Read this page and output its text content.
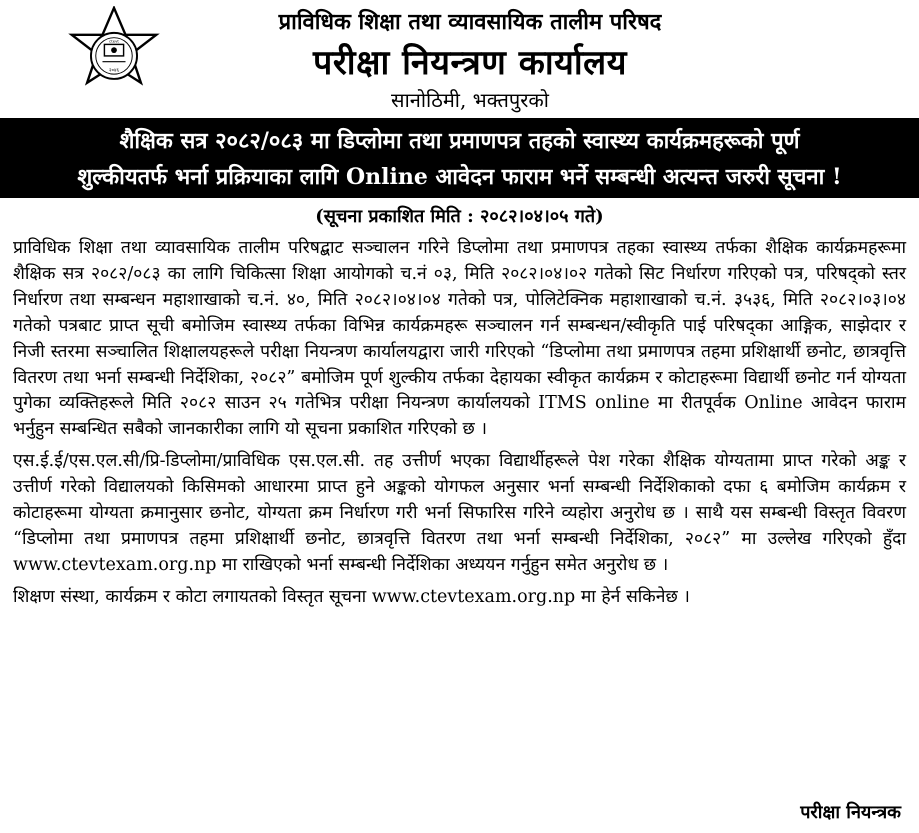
२०४६
ctevt
प्राविधिक शिक्षा तथा व्यावसायिक तालीम परिषद
परीक्षा नियन्त्रण कार्यालय
सानोठिमी, भक्तपुरको
शैक्षिक सत्र २०८२/०८३ मा डिप्लोमा तथा प्रमाणपत्र तहको स्वास्थ्य कार्यक्रमहरूको पूर्ण
शुल्कीयतर्फ भर्ना प्रक्रियाका लागि Online आवेदन फाराम भर्ने सम्बन्धी अत्यन्त जरुरी सूचना !
(सूचना प्रकाशित मिति : २०८२।०४।०५ गते)

प्राविधिक शिक्षा तथा व्यावसायिक तालीम परिषद्बाट सञ्चालन गरिने डिप्लोमा तथा प्रमाणपत्र तहका स्वास्थ्य तर्फका शैक्षिक कार्यक्रमहरूमा शैक्षिक सत्र २०८२/०८३ का लागि चिकित्सा शिक्षा आयोगको च.नं ०३, मिति २०८२।०४।०२ गतेको सिट निर्धारण गरिएको पत्र, परिषद्को स्तर निर्धारण तथा सम्बन्धन महाशाखाको च.नं. ४०, मिति २०८२।०४।०४ गतेको पत्र, पोलिटेक्निक महाशाखाको च.नं. ३५३६, मिति २०८२।०३।०४ गतेको पत्रबाट प्राप्त सूची बमोजिम स्वास्थ्य तर्फका विभिन्न कार्यक्रमहरू सञ्चालन गर्न सम्बन्धन/स्वीकृति पाई परिषद्का आङ्गिक, साझेदार र निजी स्तरमा सञ्चालित शिक्षालयहरूले परीक्षा नियन्त्रण कार्यालयद्वारा जारी गरिएको “डिप्लोमा तथा प्रमाणपत्र तहमा प्रशिक्षार्थी छनोट, छात्रवृत्ति वितरण तथा भर्ना सम्बन्धी निर्देशिका, २०८२” बमोजिम पूर्ण शुल्कीय तर्फका देहायका स्वीकृत कार्यक्रम र कोटाहरूमा विद्यार्थी छनोट गर्न योग्यता पुगेका व्यक्तिहरूले मिति २०८२ साउन २५ गतेभित्र परीक्षा नियन्त्रण कार्यालयको ITMS online मा रीतपूर्वक Online आवेदन फाराम भर्नुहुन सम्बन्धित सबैको जानकारीका लागि यो सूचना प्रकाशित गरिएको छ ।

एस.ई.ई/एस.एल.सी/प्रि-डिप्लोमा/प्राविधिक एस.एल.सी. तह उत्तीर्ण भएका विद्यार्थीहरूले पेश गरेका शैक्षिक योग्यतामा प्राप्त गरेको अङ्क र उत्तीर्ण गरेको विद्यालयको किसिमको आधारमा प्राप्त हुने अङ्कको योगफल अनुसार भर्ना सम्बन्धी निर्देशिकाको दफा ६ बमोजिम कार्यक्रम र कोटाहरूमा योग्यता क्रमानुसार छनोट, योग्यता क्रम निर्धारण गरी भर्ना सिफारिस गरिने व्यहोरा अनुरोध छ । साथै यस सम्बन्धी विस्तृत विवरण “डिप्लोमा तथा प्रमाणपत्र तहमा प्रशिक्षार्थी छनोट, छात्रवृत्ति वितरण तथा भर्ना सम्बन्धी निर्देशिका, २०८२” मा उल्लेख गरिएको हुँदा www.ctevtexam.org.np मा राखिएको भर्ना सम्बन्धी निर्देशिका अध्ययन गर्नुहुन समेत अनुरोध छ ।

शिक्षण संस्था, कार्यक्रम र कोटा लगायतको विस्तृत सूचना www.ctevtexam.org.np मा हेर्न सकिनेछ ।

परीक्षा नियन्त्रक
